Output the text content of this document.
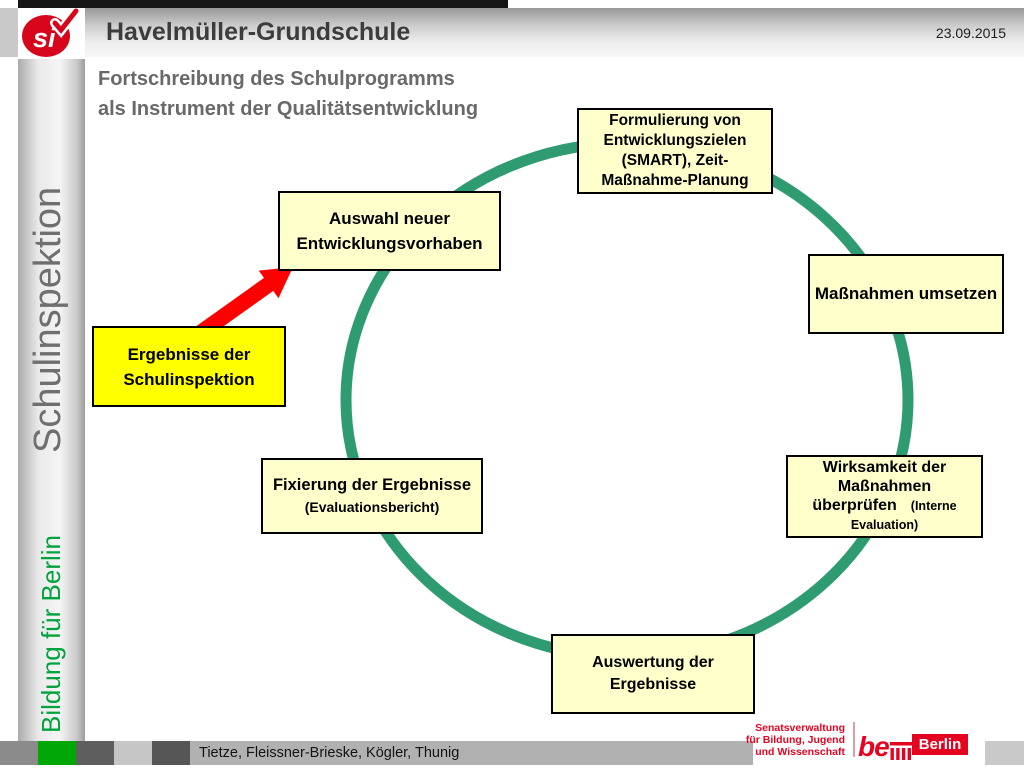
Havelmüller-Grundschule	23.09.2015
si
Schulinspektion
Bildung für Berlin
Fortschreibung des Schulprogramms
als Instrument der Qualitätsentwicklung
Formulierung von
Entwicklungszielen
(SMART), Zeit-
Maßnahme-Planung
Auswahl neuer
Entwicklungsvorhaben
Maßnahmen umsetzen
Ergebnisse der
Schulinspektion
Fixierung der Ergebnisse
(Evaluationsbericht)
Wirksamkeit der
Maßnahmen
überprüfen (Interne
Evaluation)
Auswertung der
Ergebnisse
Tietze, Fleissner-Brieske, Kögler, Thunig
Senatsverwaltung
für Bildung, Jugend
und Wissenschaft be	Berlin
